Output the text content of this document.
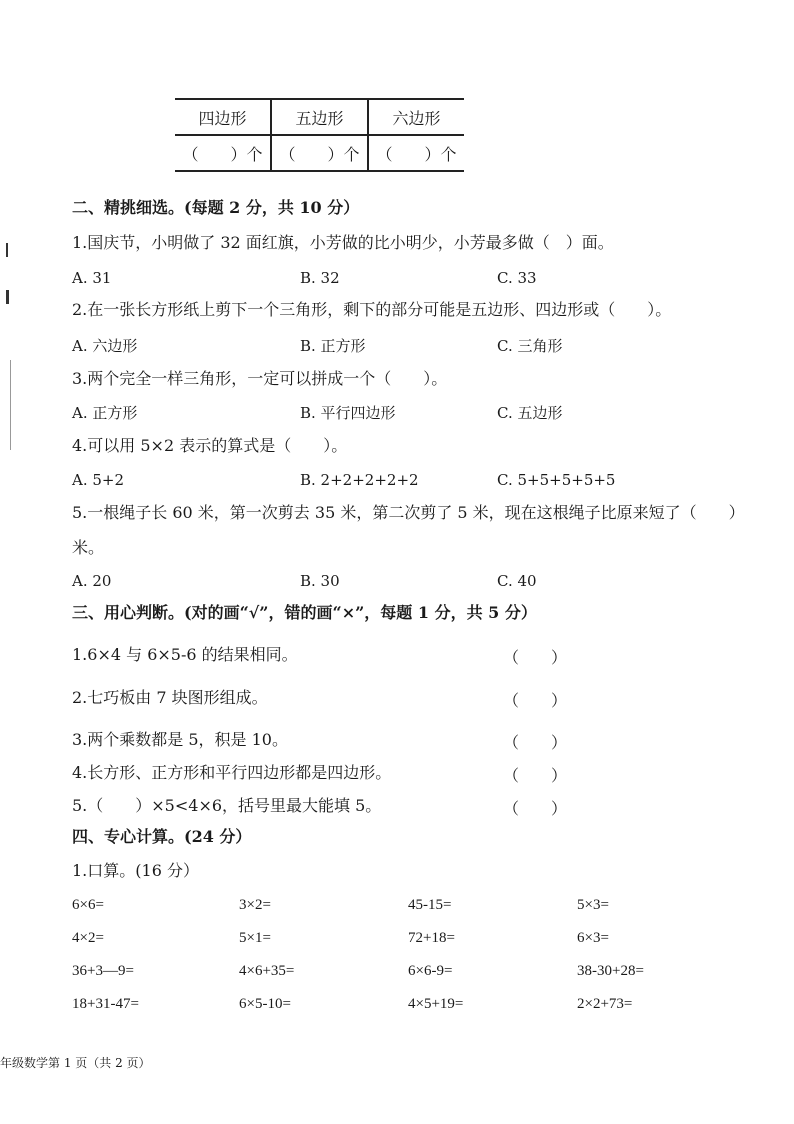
四边形	五边形	六边形
（　　）个	（　　）个	（　　）个
二、精挑细选。(每题 2 分，共 10 分）
1.国庆节，小明做了 32 面红旗，小芳做的比小明少，小芳最多做（　）面。
A. 31	B. 32	C. 33
2.在一张长方形纸上剪下一个三角形，剩下的部分可能是五边形、四边形或（　　）。
A. 六边形	B. 正方形	C. 三角形
3.两个完全一样三角形，一定可以拼成一个（　　）。
A. 正方形	B. 平行四边形	C. 五边形
4.可以用 5×2 表示的算式是（　　）。
A. 5+2	B. 2+2+2+2+2	C. 5+5+5+5+5
5.一根绳子长 60 米，第一次剪去 35 米，第二次剪了 5 米，现在这根绳子比原来短了（　　）
米。
A. 20	B. 30	C. 40
三、用心判断。(对的画“√”，错的画“×”，每题 1 分，共 5 分）
1.6×4 与 6×5-6 的结果相同。	（　　）
2.七巧板由 7 块图形组成。	（　　）
3.两个乘数都是 5，积是 10。	（　　）
4.长方形、正方形和平行四边形都是四边形。	（　　）
5.（　　）×5<4×6，括号里最大能填 5。	（　　）
四、专心计算。(24 分）
1.口算。(16 分）
6×6=	3×2=	45-15=	5×3=
4×2=	5×1=	72+18=	6×3=
36+3—9=	4×6+35=	6×6-9=	38-30+28=
18+31-47=	6×5-10=	4×5+19=	2×2+73=
年级数学第 1 页（共 2 页）
